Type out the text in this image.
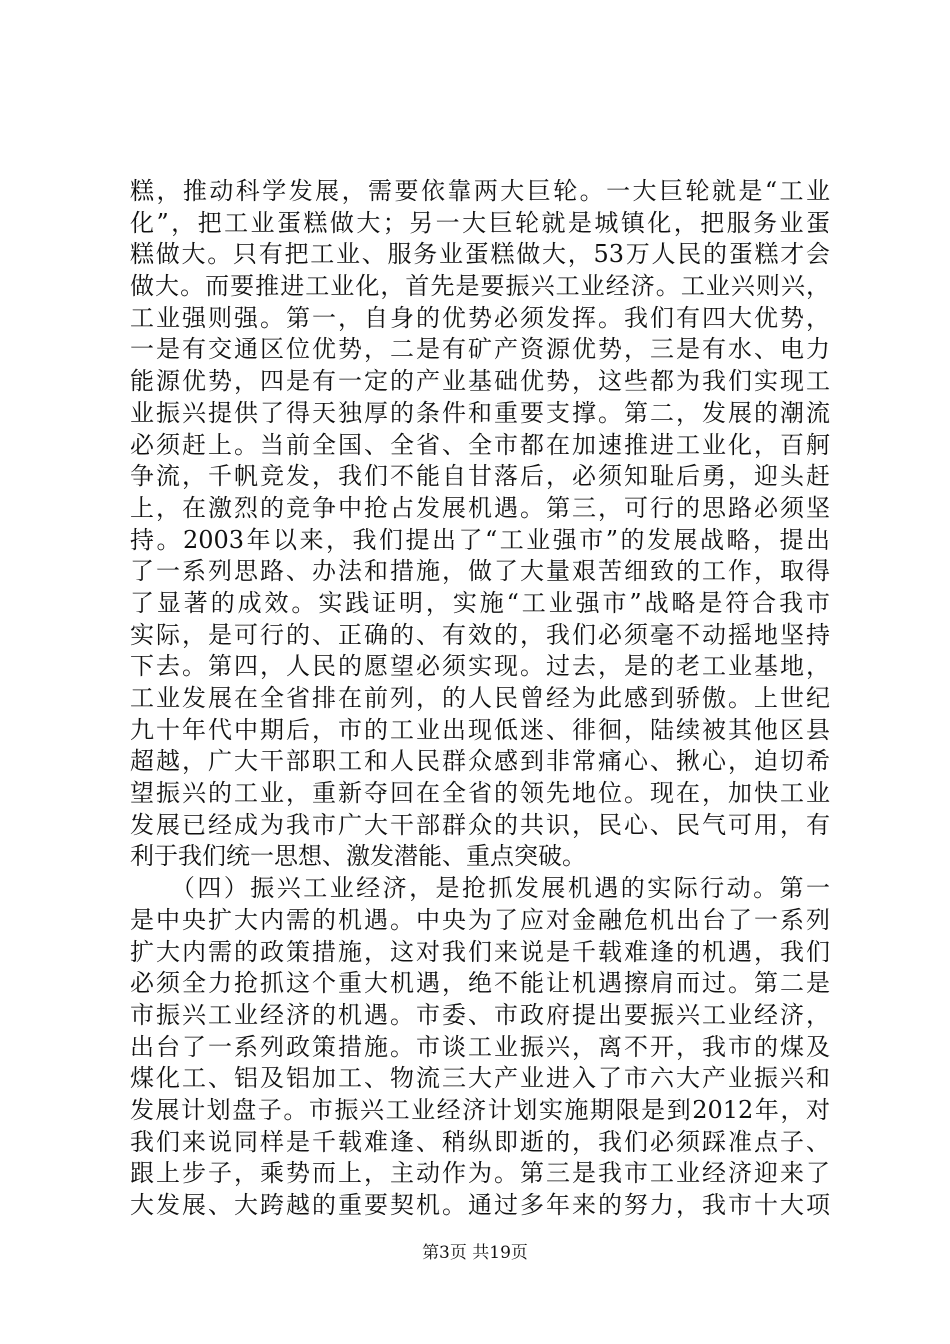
糕，推动科学发展，需要依靠两大巨轮。一大巨轮就是“工业
化”，把工业蛋糕做大；另一大巨轮就是城镇化，把服务业蛋
糕做大。只有把工业、服务业蛋糕做大，53万人民的蛋糕才会
做大。而要推进工业化，首先是要振兴工业经济。工业兴则兴，
工业强则强。第一，自身的优势必须发挥。我们有四大优势，
一是有交通区位优势，二是有矿产资源优势，三是有水、电力
能源优势，四是有一定的产业基础优势，这些都为我们实现工
业振兴提供了得天独厚的条件和重要支撑。第二，发展的潮流
必须赶上。当前全国、全省、全市都在加速推进工业化，百舸
争流，千帆竞发，我们不能自甘落后，必须知耻后勇，迎头赶
上，在激烈的竞争中抢占发展机遇。第三，可行的思路必须坚
持。2003年以来，我们提出了“工业强市”的发展战略，提出
了一系列思路、办法和措施，做了大量艰苦细致的工作，取得
了显著的成效。实践证明，实施“工业强市”战略是符合我市
实际，是可行的、正确的、有效的，我们必须毫不动摇地坚持
下去。第四，人民的愿望必须实现。过去，是的老工业基地，
工业发展在全省排在前列，的人民曾经为此感到骄傲。上世纪
九十年代中期后，市的工业出现低迷、徘徊，陆续被其他区县
超越，广大干部职工和人民群众感到非常痛心、揪心，迫切希
望振兴的工业，重新夺回在全省的领先地位。现在，加快工业
发展已经成为我市广大干部群众的共识，民心、民气可用，有
利于我们统一思想、激发潜能、重点突破。
　　（四）振兴工业经济，是抢抓发展机遇的实际行动。第一
是中央扩大内需的机遇。中央为了应对金融危机出台了一系列
扩大内需的政策措施，这对我们来说是千载难逢的机遇，我们
必须全力抢抓这个重大机遇，绝不能让机遇擦肩而过。第二是
市振兴工业经济的机遇。市委、市政府提出要振兴工业经济，
出台了一系列政策措施。市谈工业振兴，离不开，我市的煤及
煤化工、铝及铝加工、物流三大产业进入了市六大产业振兴和
发展计划盘子。市振兴工业经济计划实施期限是到2012年，对
我们来说同样是千载难逢、稍纵即逝的，我们必须踩准点子、
跟上步子，乘势而上，主动作为。第三是我市工业经济迎来了
大发展、大跨越的重要契机。通过多年来的努力，我市十大项
第3页 共19页
